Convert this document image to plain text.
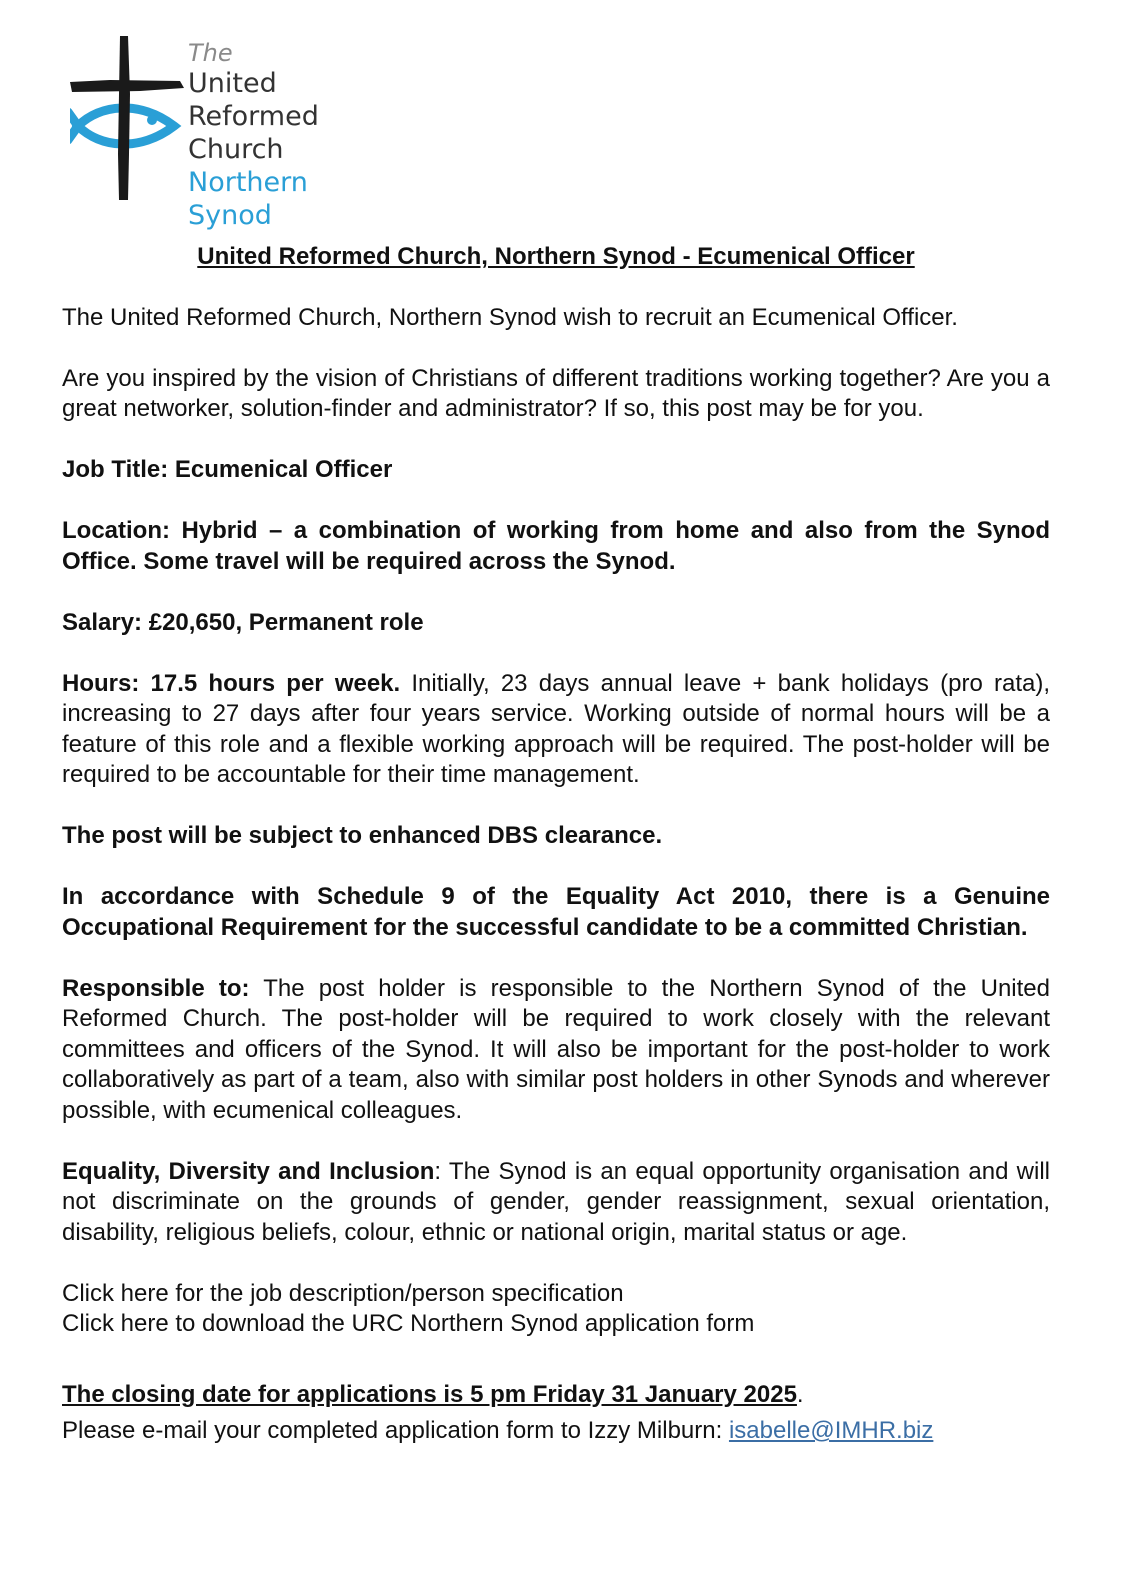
The
United
Reformed
Church
Northern Synod
United Reformed Church, Northern Synod - Ecumenical Officer

The United Reformed Church, Northern Synod wish to recruit an Ecumenical Officer.

Are you inspired by the vision of Christians of different traditions working together? Are you a great networker, solution-finder and administrator? If so, this post may be for you.

Job Title: Ecumenical Officer

Location: Hybrid – a combination of working from home and also from the Synod Office. Some travel will be required across the Synod.

Salary: £20,650, Permanent role

Hours: 17.5 hours per week. Initially, 23 days annual leave + bank holidays (pro rata), increasing to 27 days after four years service. Working outside of normal hours will be a feature of this role and a flexible working approach will be required. The post-holder will be required to be accountable for their time management.

The post will be subject to enhanced DBS clearance.

In accordance with Schedule 9 of the Equality Act 2010, there is a Genuine Occupational Requirement for the successful candidate to be a committed Christian.

Responsible to: The post holder is responsible to the Northern Synod of the United Reformed Church. The post-holder will be required to work closely with the relevant committees and officers of the Synod. It will also be important for the post-holder to work collaboratively as part of a team, also with similar post holders in other Synods and wherever possible, with ecumenical colleagues.

Equality, Diversity and Inclusion: The Synod is an equal opportunity organisation and will not discriminate on the grounds of gender, gender reassignment, sexual orientation, disability, religious beliefs, colour, ethnic or national origin, marital status or age.

Click here for the job description/person specification

Click here to download the URC Northern Synod application form

The closing date for applications is 5 pm Friday 31 January 2025.

Please e-mail your completed application form to Izzy Milburn: isabelle@IMHR.biz
